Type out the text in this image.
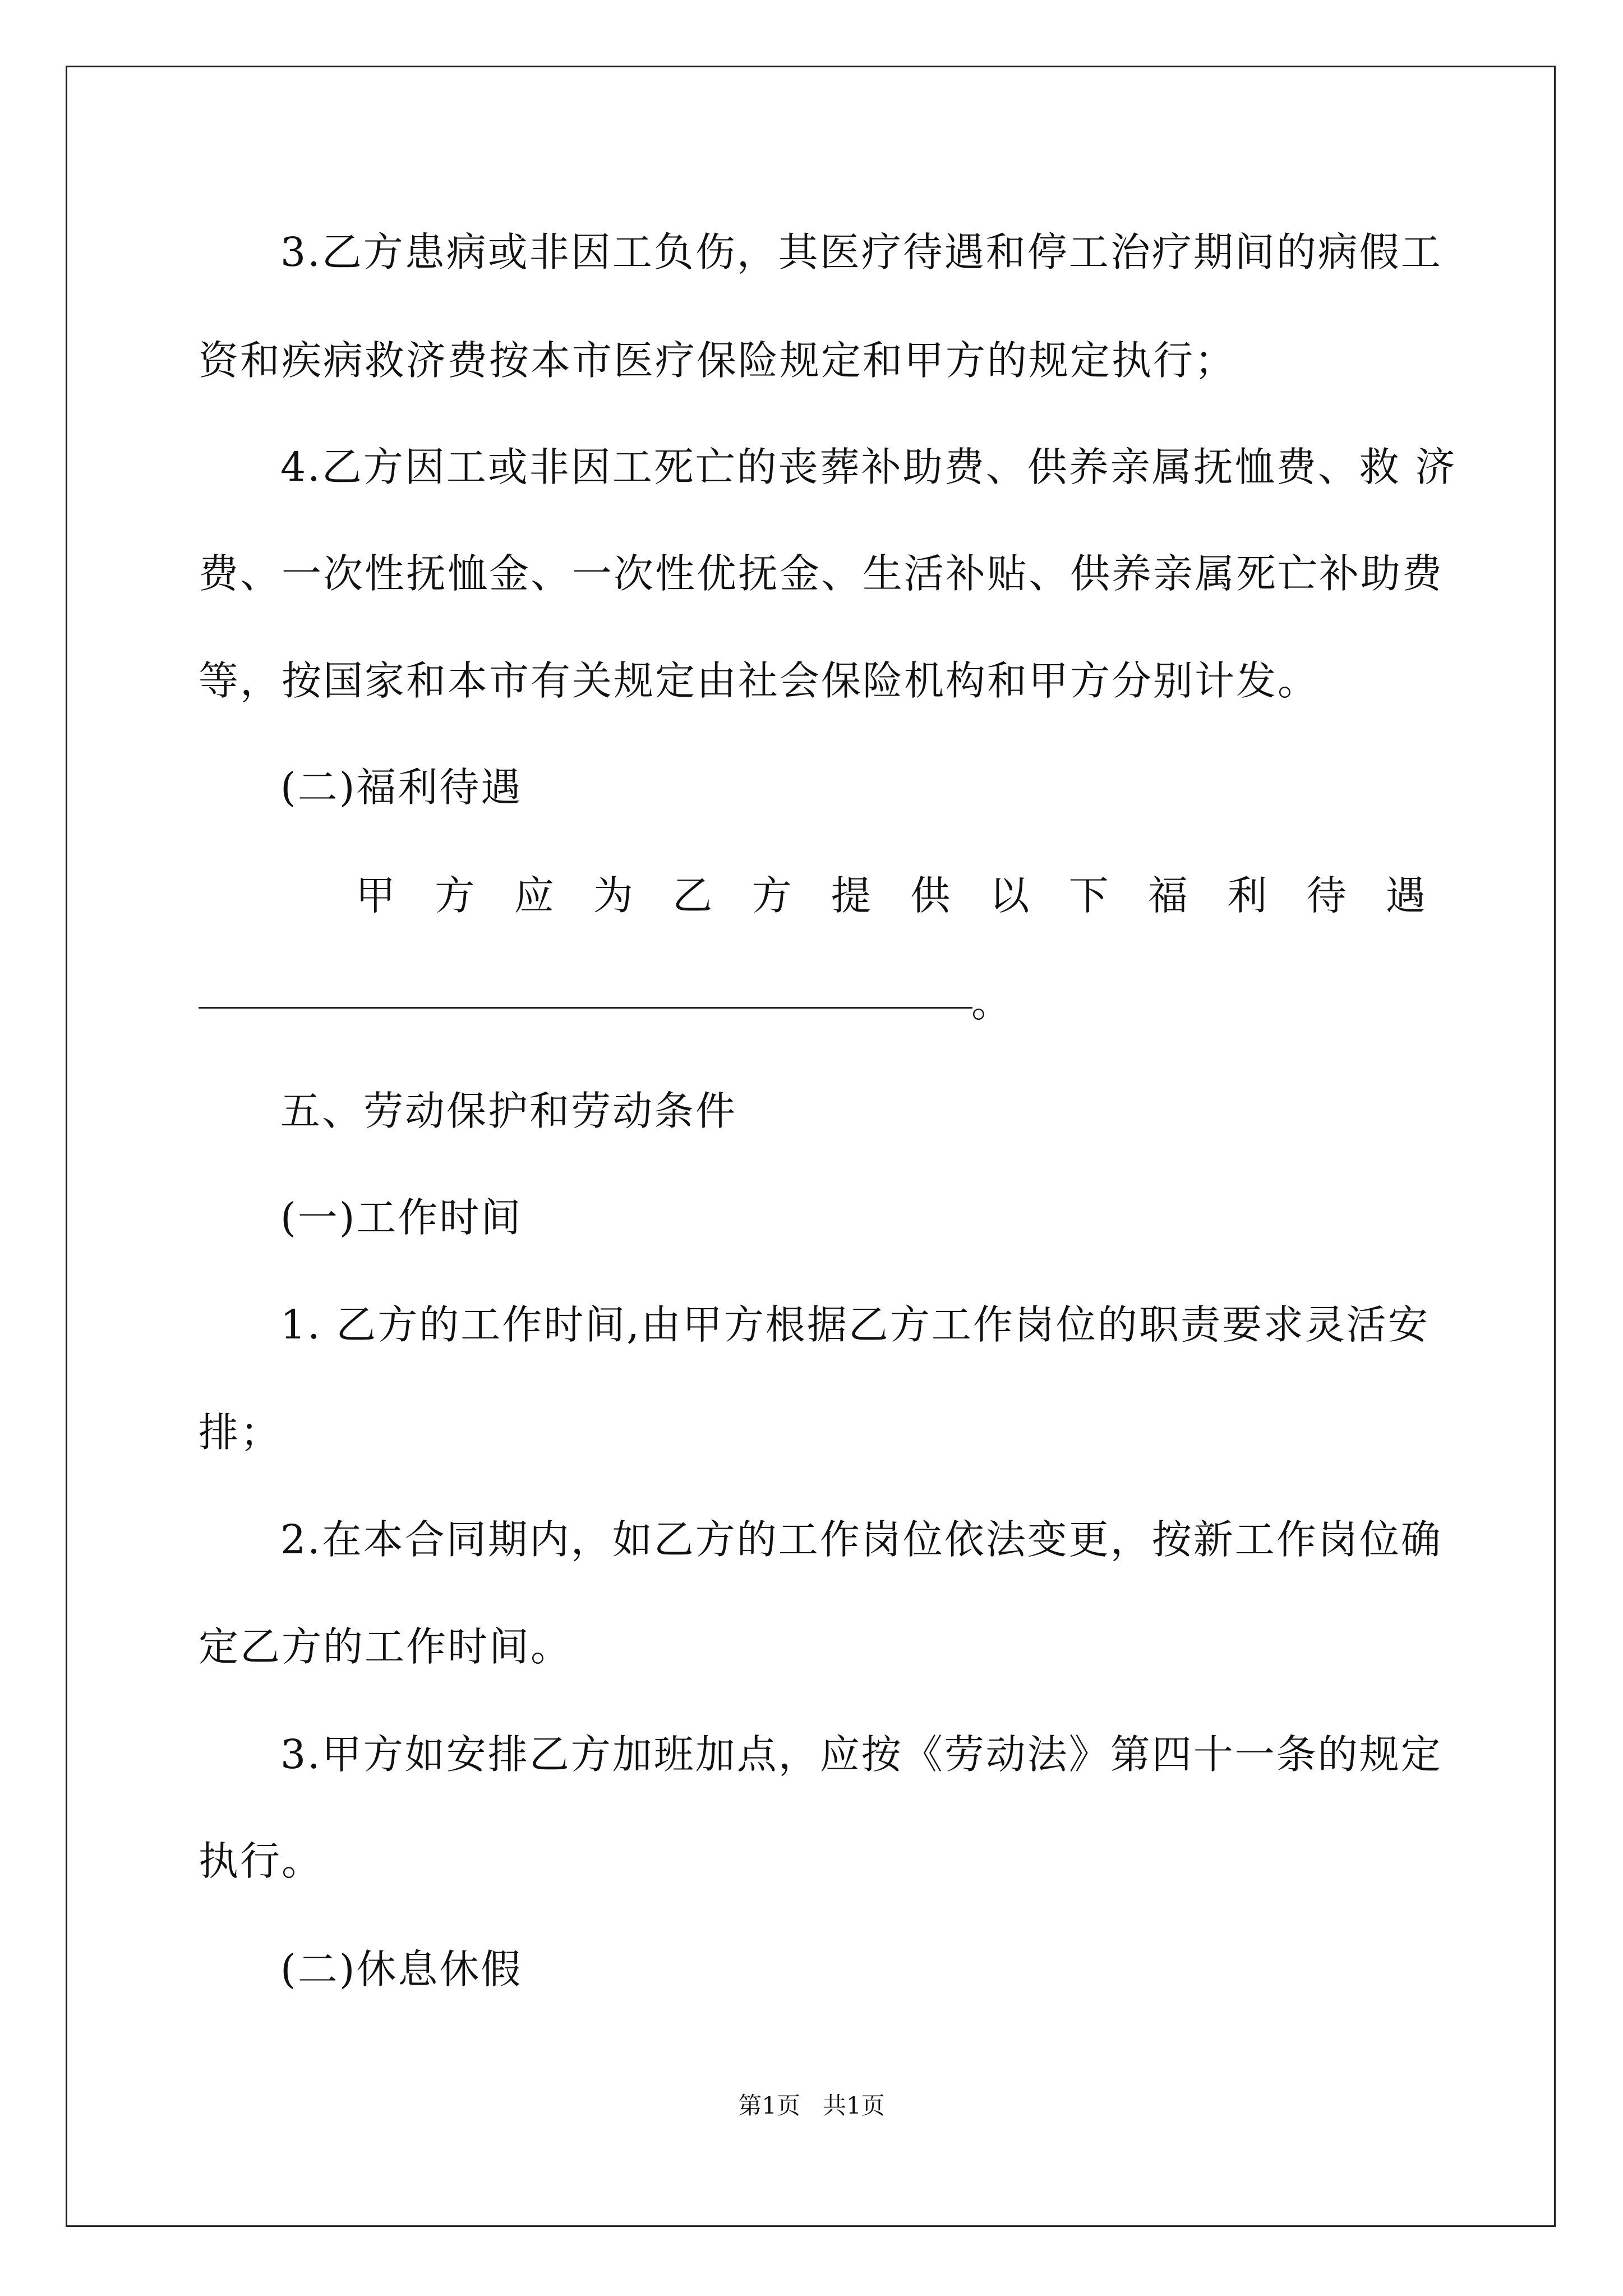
3.乙方患病或非因工负伤，其医疗待遇和停工治疗期间的病假工
资和疾病救济费按本市医疗保险规定和甲方的规定执行；
4.乙方因工或非因工死亡的丧葬补助费、供养亲属抚恤费、救 济
费、一次性抚恤金、一次性优抚金、生活补贴、供养亲属死亡补助费
等，按国家和本市有关规定由社会保险机构和甲方分别计发。
(二)福利待遇
甲 方 应 为 乙 方 提 供 以 下 福 利 待 遇
。
五、劳动保护和劳动条件
(一)工作时间
1. 乙方的工作时间,由甲方根据乙方工作岗位的职责要求灵活安
排；
2.在本合同期内，如乙方的工作岗位依法变更，按新工作岗位确
定乙方的工作时间。
3.甲方如安排乙方加班加点，应按《劳动法》第四十一条的规定
执行。
(二)休息休假
第1页   共1页
